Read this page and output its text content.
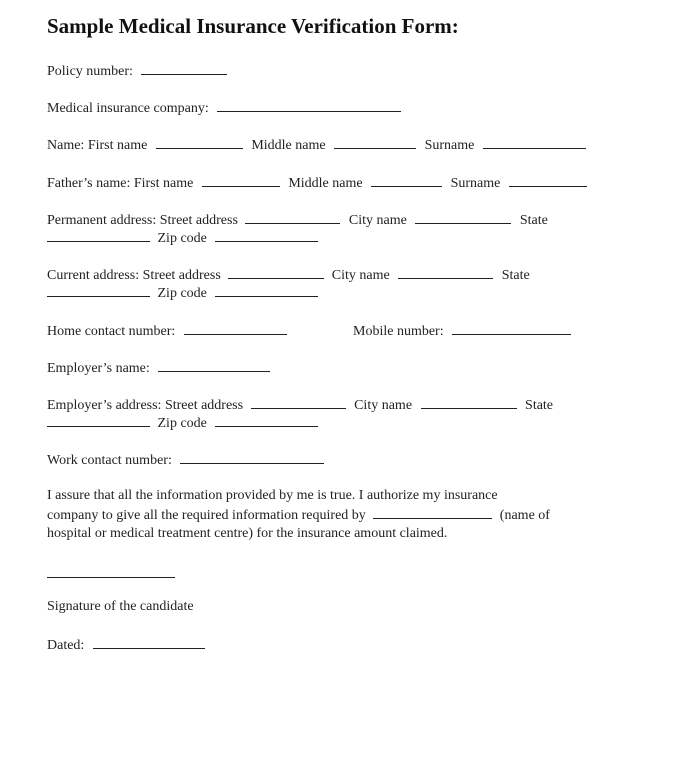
Sample Medical Insurance Verification Form:
Policy number:
Medical insurance company:
Name: First name	Middle name	Surname
Father’s name: First name	Middle name	Surname
Permanent address: Street address	City name	State
Zip code
Current address: Street address	City name	State
Zip code
Home contact number:	Mobile number:
Employer’s name:
Employer’s address: Street address	City name	State
Zip code
Work contact number:
I assure that all the information provided by me is true. I authorize my insurance
company to give all the required information required by	(name of
hospital or medical treatment centre) for the insurance amount claimed.
Signature of the candidate
Dated:
